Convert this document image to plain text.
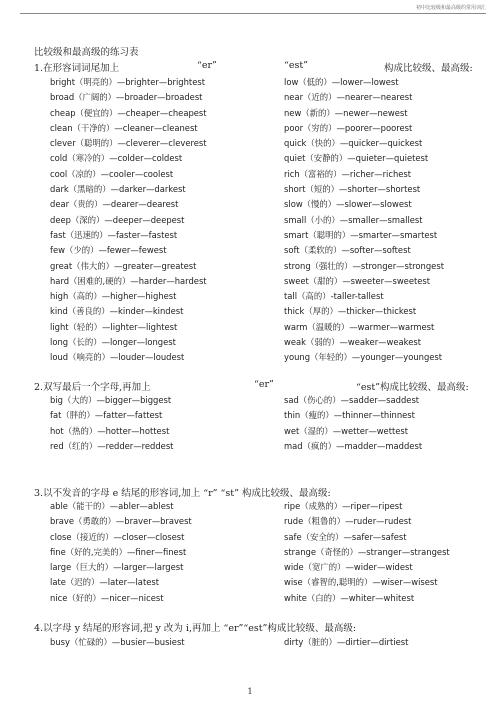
初中比较级和最高级的常用词汇
比较级和最高级的练习表
1.在形容词词尾加上	“er”	“est”	构成比较级、最高级:
bright（明亮的）—brighter—brightest	low（低的）—lower—lowest
broad（广阔的）—broader—broadest	near（近的）—nearer—nearest
cheap（便宜的）—cheaper—cheapest	new（新的）—newer—newest
clean（干净的）—cleaner—cleanest	poor（穷的）—poorer—poorest
clever（聪明的）—cleverer—cleverest	quick（快的）—quicker—quickest
cold（寒冷的）—colder—coldest	quiet（安静的）—quieter—quietest
cool（凉的）—cooler—coolest	rich（富裕的）—richer—richest
dark（黑暗的）—darker—darkest	short（短的）—shorter—shortest
dear（贵的）—dearer—dearest	slow（慢的）—slower—slowest
deep（深的）—deeper—deepest	small（小的）—smaller—smallest
fast（迅速的）—faster—fastest	smart（聪明的）—smarter—smartest
few（少的）—fewer—fewest	soft（柔软的）—softer—softest
great（伟大的）—greater—greatest	strong（强壮的）—stronger—strongest
hard（困难的,硬的）—harder—hardest	sweet（甜的）—sweeter—sweetest
high（高的）—higher—highest	tall（高的）-taller-tallest
kind（善良的）—kinder—kindest	thick（厚的）—thicker—thickest
light（轻的）—lighter—lightest	warm（温暖的）—warmer—warmest
long（长的）—longer—longest	weak（弱的）—weaker—weakest
loud（响亮的）—louder—loudest	young（年轻的）—younger—youngest
2.双写最后一个字母,再加上	“er”	“est”构成比较级、最高级:
big（大的）—bigger—biggest	sad（伤心的）—sadder—saddest
fat（胖的）—fatter—fattest	thin（瘦的）—thinner—thinnest
hot（热的）—hotter—hottest	wet（湿的）—wetter—wettest
red（红的）—redder—reddest	mad（疯的）—madder—maddest
3.以不发音的字母 e 结尾的形容词,加上 “r” “st” 构成比较级、最高级:
able（能干的）—abler—ablest	ripe（成熟的）—riper—ripest
brave（勇敢的）—braver—bravest	rude（粗鲁的）—ruder—rudest
close（接近的）—closer—closest	safe（安全的）—safer—safest
fine（好的,完美的）—finer—finest	strange（奇怪的）—stranger—strangest
large（巨大的）—larger—largest	wide（宽广的）—wider—widest
late（迟的）—later—latest	wise（睿智的,聪明的）—wiser—wisest
nice（好的）—nicer—nicest	white（白的）—whiter—whitest
4.以字母 y 结尾的形容词,把 y 改为 i,再加上 “er”“est”构成比较级、最高级:
busy（忙碌的）—busier—busiest	dirty（脏的）—dirtier—dirtiest
1
